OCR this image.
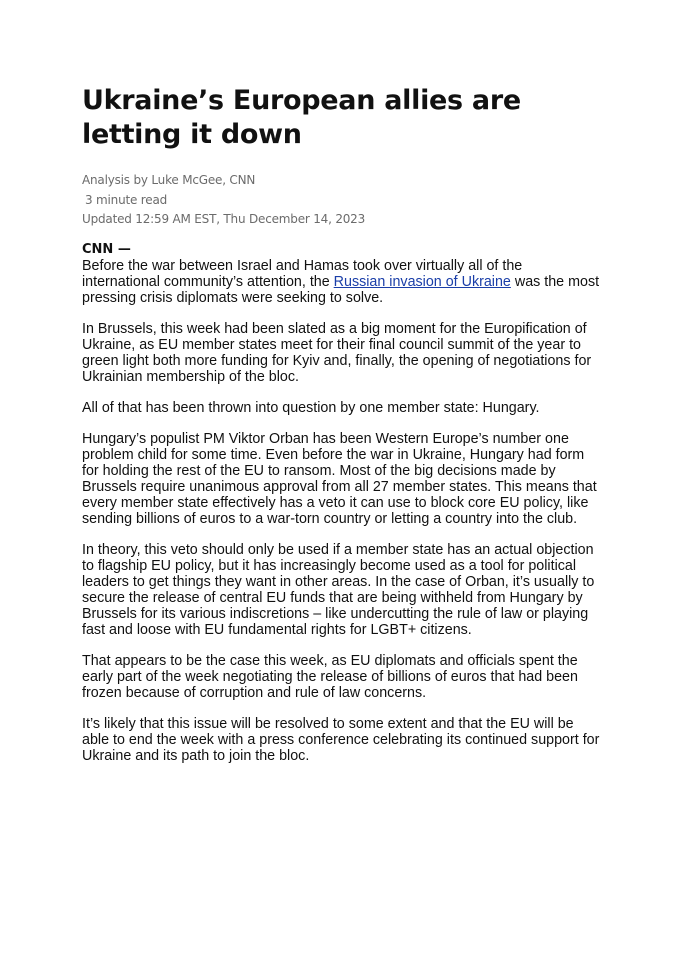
Ukraine’s European allies are letting it down
Analysis by Luke McGee, CNN
3 minute read
Updated 12:59 AM EST, Thu December 14, 2023
CNN —

Before the war between Israel and Hamas took over virtually all of the international community’s attention, the Russian invasion of Ukraine was the most pressing crisis diplomats were seeking to solve.

In Brussels, this week had been slated as a big moment for the Europification of Ukraine, as EU member states meet for their final council summit of the year to green light both more funding for Kyiv and, finally, the opening of negotiations for Ukrainian membership of the bloc.

All of that has been thrown into question by one member state: Hungary.

Hungary’s populist PM Viktor Orban has been Western Europe’s number one problem child for some time. Even before the war in Ukraine, Hungary had form for holding the rest of the EU to ransom. Most of the big decisions made by Brussels require unanimous approval from all 27 member states. This means that every member state effectively has a veto it can use to block core EU policy, like sending billions of euros to a war-torn country or letting a country into the club.

In theory, this veto should only be used if a member state has an actual objection to flagship EU policy, but it has increasingly become used as a tool for political leaders to get things they want in other areas. In the case of Orban, it’s usually to secure the release of central EU funds that are being withheld from Hungary by Brussels for its various indiscretions – like undercutting the rule of law or playing fast and loose with EU fundamental rights for LGBT+ citizens.

That appears to be the case this week, as EU diplomats and officials spent the early part of the week negotiating the release of billions of euros that had been frozen because of corruption and rule of law concerns.

It’s likely that this issue will be resolved to some extent and that the EU will be able to end the week with a press conference celebrating its continued support for Ukraine and its path to join the bloc.
